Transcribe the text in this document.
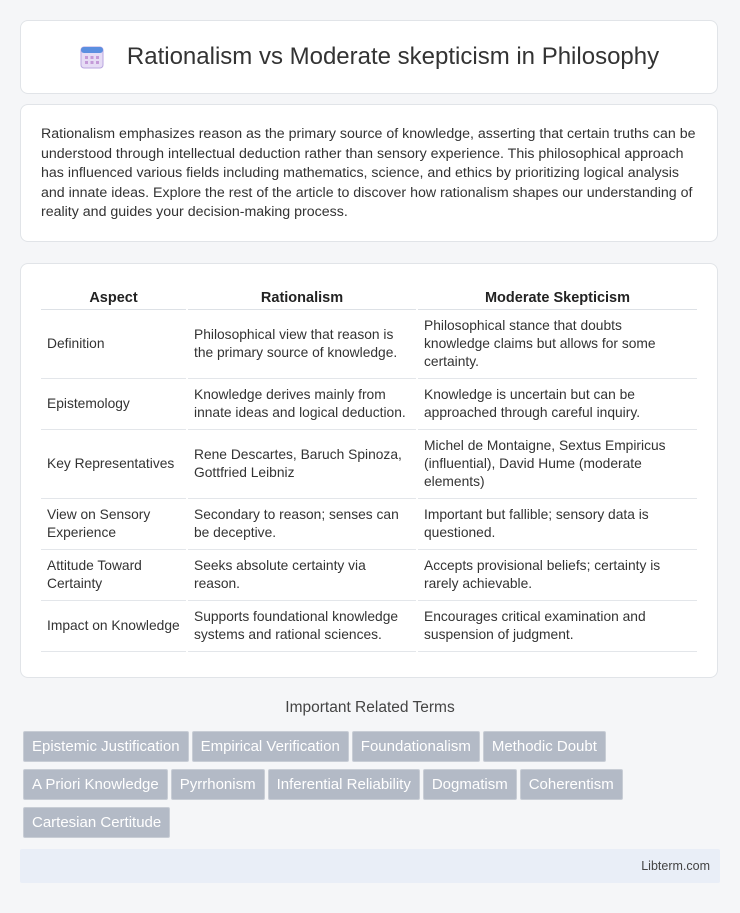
Rationalism vs Moderate skepticism in Philosophy

Rationalism emphasizes reason as the primary source of knowledge, asserting that certain truths can be understood through intellectual deduction rather than sensory experience. This philosophical approach has influenced various fields including mathematics, science, and ethics by prioritizing logical analysis and innate ideas. Explore the rest of the article to discover how rationalism shapes our understanding of reality and guides your decision-making process.

Aspect	Rationalism	Moderate Skepticism
Definition	Philosophical view that reason is the primary source of knowledge.	Philosophical stance that doubts knowledge claims but allows for some certainty.
Epistemology	Knowledge derives mainly from innate ideas and logical deduction.	Knowledge is uncertain but can be approached through careful inquiry.
Key Representatives	Rene Descartes, Baruch Spinoza, Gottfried Leibniz	Michel de Montaigne, Sextus Empiricus (influential), David Hume (moderate elements)
View on Sensory Experience	Secondary to reason; senses can be deceptive.	Important but fallible; sensory data is questioned.
Attitude Toward Certainty	Seeks absolute certainty via reason.	Accepts provisional beliefs; certainty is rarely achievable.
Impact on Knowledge	Supports foundational knowledge systems and rational sciences.	Encourages critical examination and suspension of judgment.
Important Related Terms
Epistemic Justification Empirical Verification Foundationalism Methodic Doubt
A Priori Knowledge Pyrrhonism Inferential Reliability Dogmatism Coherentism
Cartesian Certitude
Libterm.com
